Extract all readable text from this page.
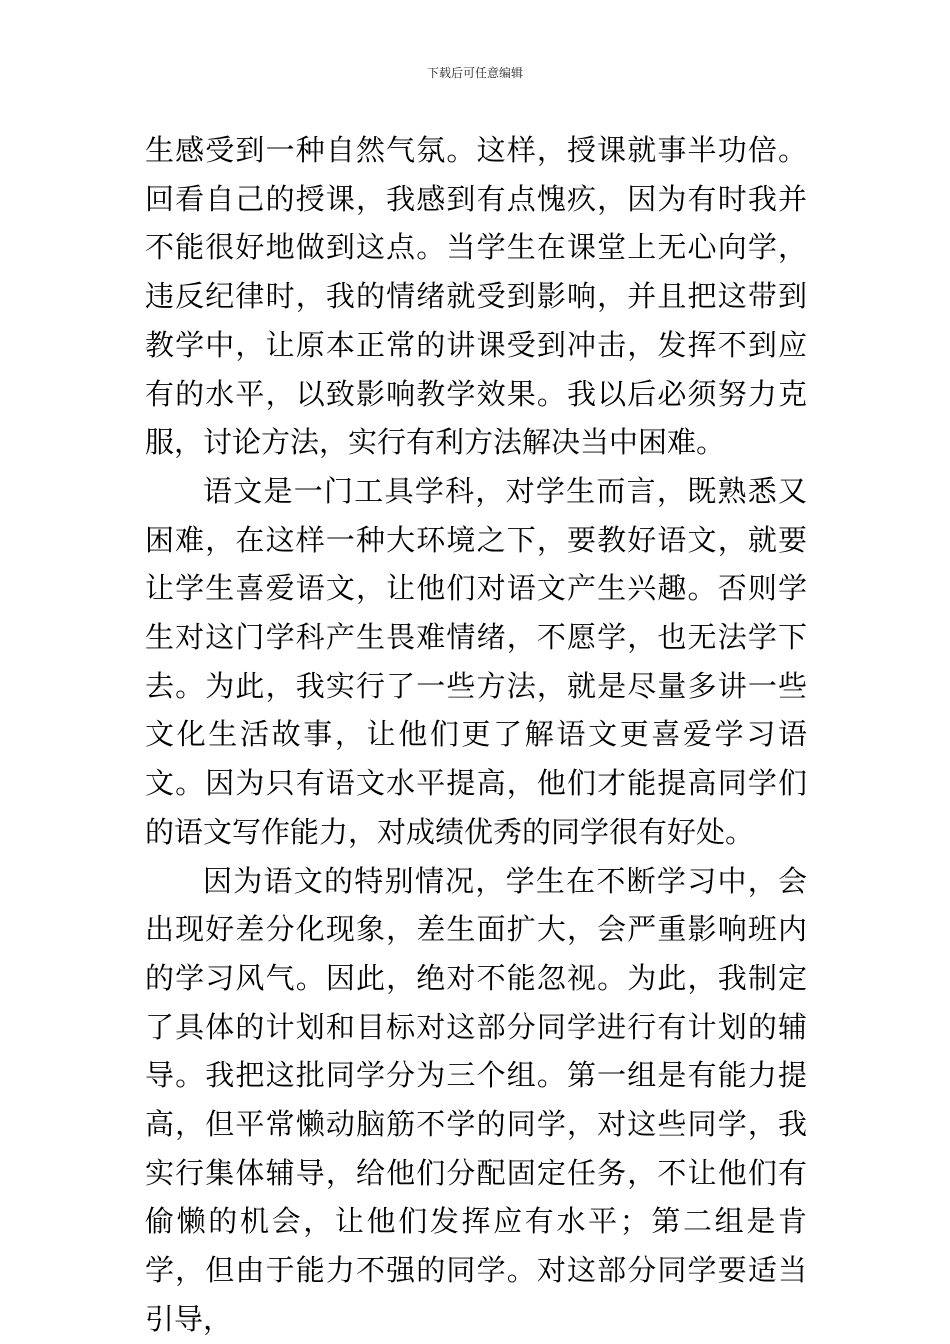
下载后可任意编辑

生感受到一种自然气氛。这样，授课就事半功倍。回看自己的授课，我感到有点愧疚，因为有时我并不能很好地做到这点。当学生在课堂上无心向学，违反纪律时，我的情绪就受到影响，并且把这带到教学中，让原本正常的讲课受到冲击，发挥不到应有的水平，以致影响教学效果。我以后必须努力克服，讨论方法，实行有利方法解决当中困难。

语文是一门工具学科，对学生而言，既熟悉又困难，在这样一种大环境之下，要教好语文，就要让学生喜爱语文，让他们对语文产生兴趣。否则学生对这门学科产生畏难情绪，不愿学，也无法学下去。为此，我实行了一些方法，就是尽量多讲一些文化生活故事，让他们更了解语文更喜爱学习语文。因为只有语文水平提高，他们才能提高同学们的语文写作能力，对成绩优秀的同学很有好处。

因为语文的特别情况，学生在不断学习中，会出现好差分化现象，差生面扩大，会严重影响班内的学习风气。因此，绝对不能忽视。为此，我制定了具体的计划和目标对这部分同学进行有计划的辅导。我把这批同学分为三个组。第一组是有能力提高，但平常懒动脑筋不学的同学，对这些同学，我实行集体辅导，给他们分配固定任务，不让他们有偷懒的机会，让他们发挥应有水平；第二组是肯学，但由于能力不强的同学。对这部分同学要适当引导，
